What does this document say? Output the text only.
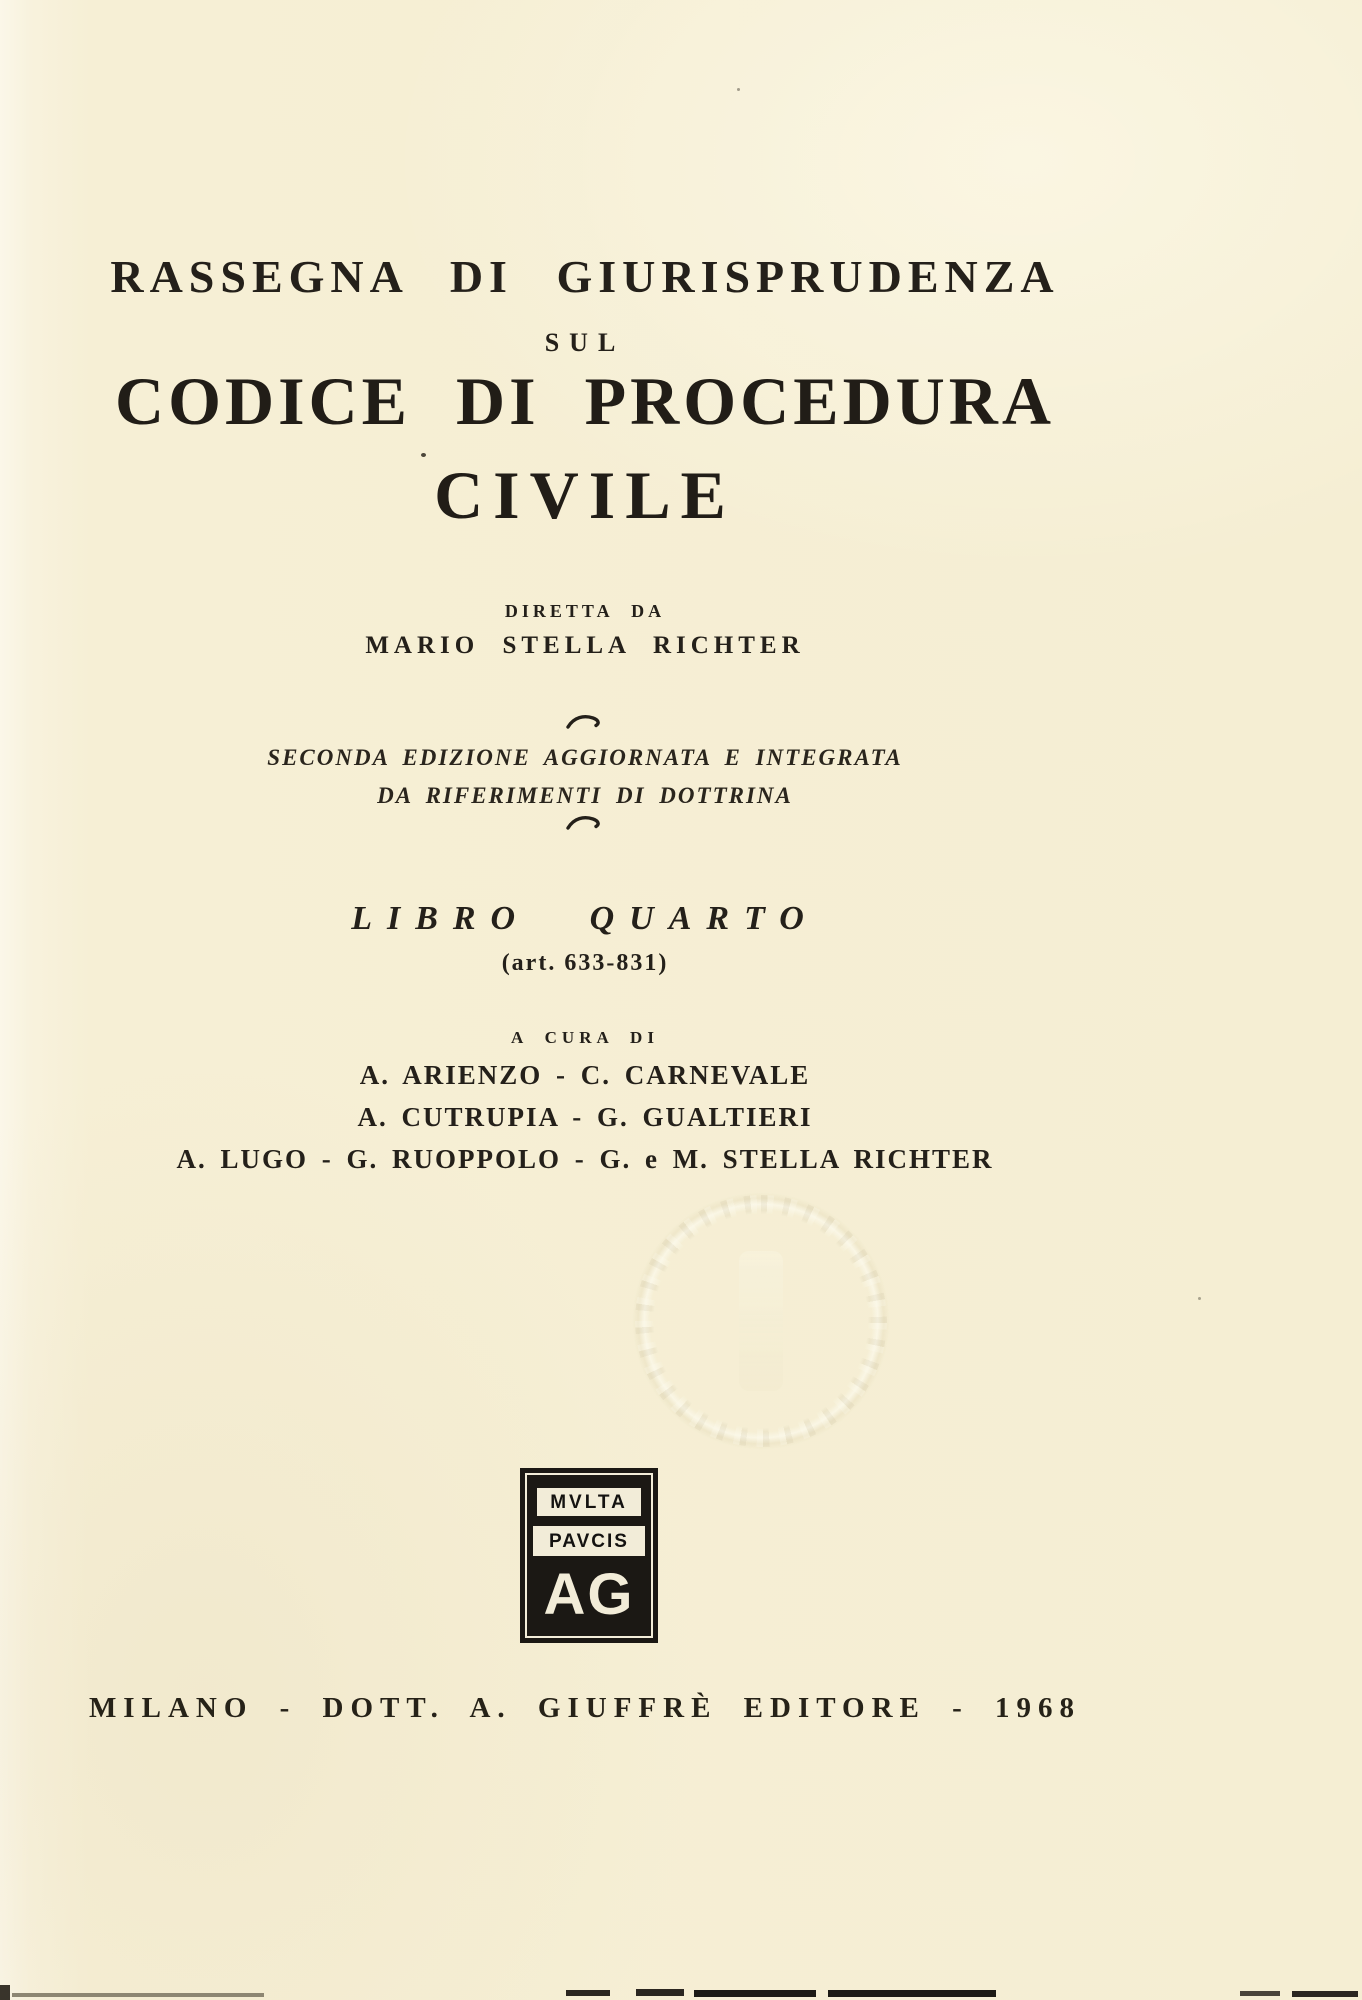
RASSEGNA DI GIURISPRUDENZA
SUL
CODICE DI PROCEDURA
CIVILE
DIRETTA DA
MARIO STELLA RICHTER
SECONDA EDIZIONE AGGIORNATA E INTEGRATA
DA RIFERIMENTI DI DOTTRINA
LIBRO QUARTO
(art. 633-831)
A CURA DI
A. ARIENZO - C. CARNEVALE
A. CUTRUPIA - G. GUALTIERI
A. LUGO - G. RUOPPOLO - G. e M. STELLA RICHTER
MVLTA
PAVCIS
AG
MILANO - DOTT. A. GIUFFRÈ EDITORE - 1968
